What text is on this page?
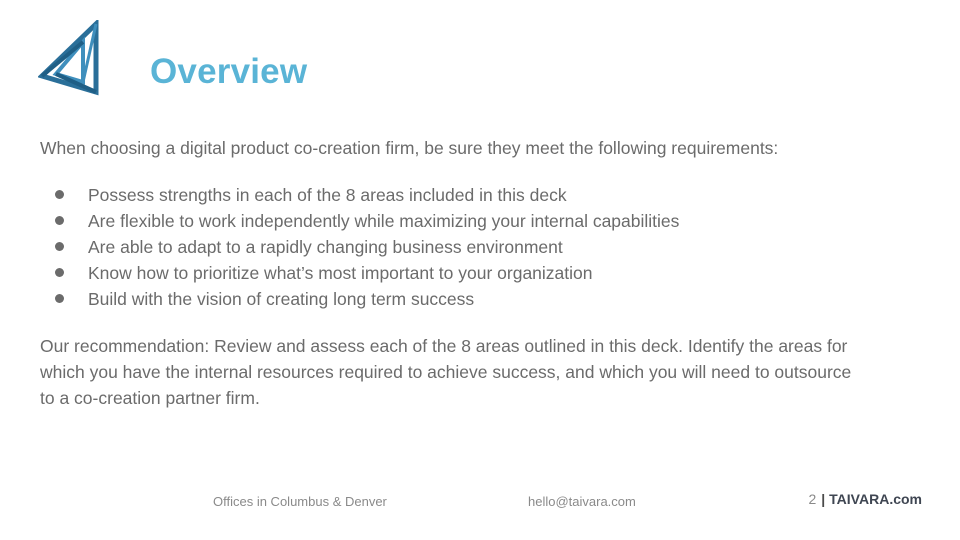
Overview
When choosing a digital product co-creation firm, be sure they meet the following requirements:
Possess strengths in each of the 8 areas included in this deck
Are flexible to work independently while maximizing your internal capabilities
Are able to adapt to a rapidly changing business environment
Know how to prioritize what’s most important to your organization
Build with the vision of creating long term success
Our recommendation: Review and assess each of the 8 areas outlined in this deck. Identify the areas for which you have the internal resources required to achieve success, and which you will need to outsource to a co-creation partner firm.
Offices in Columbus & Denver	hello@taivara.com	2 | TAIVARA.com
